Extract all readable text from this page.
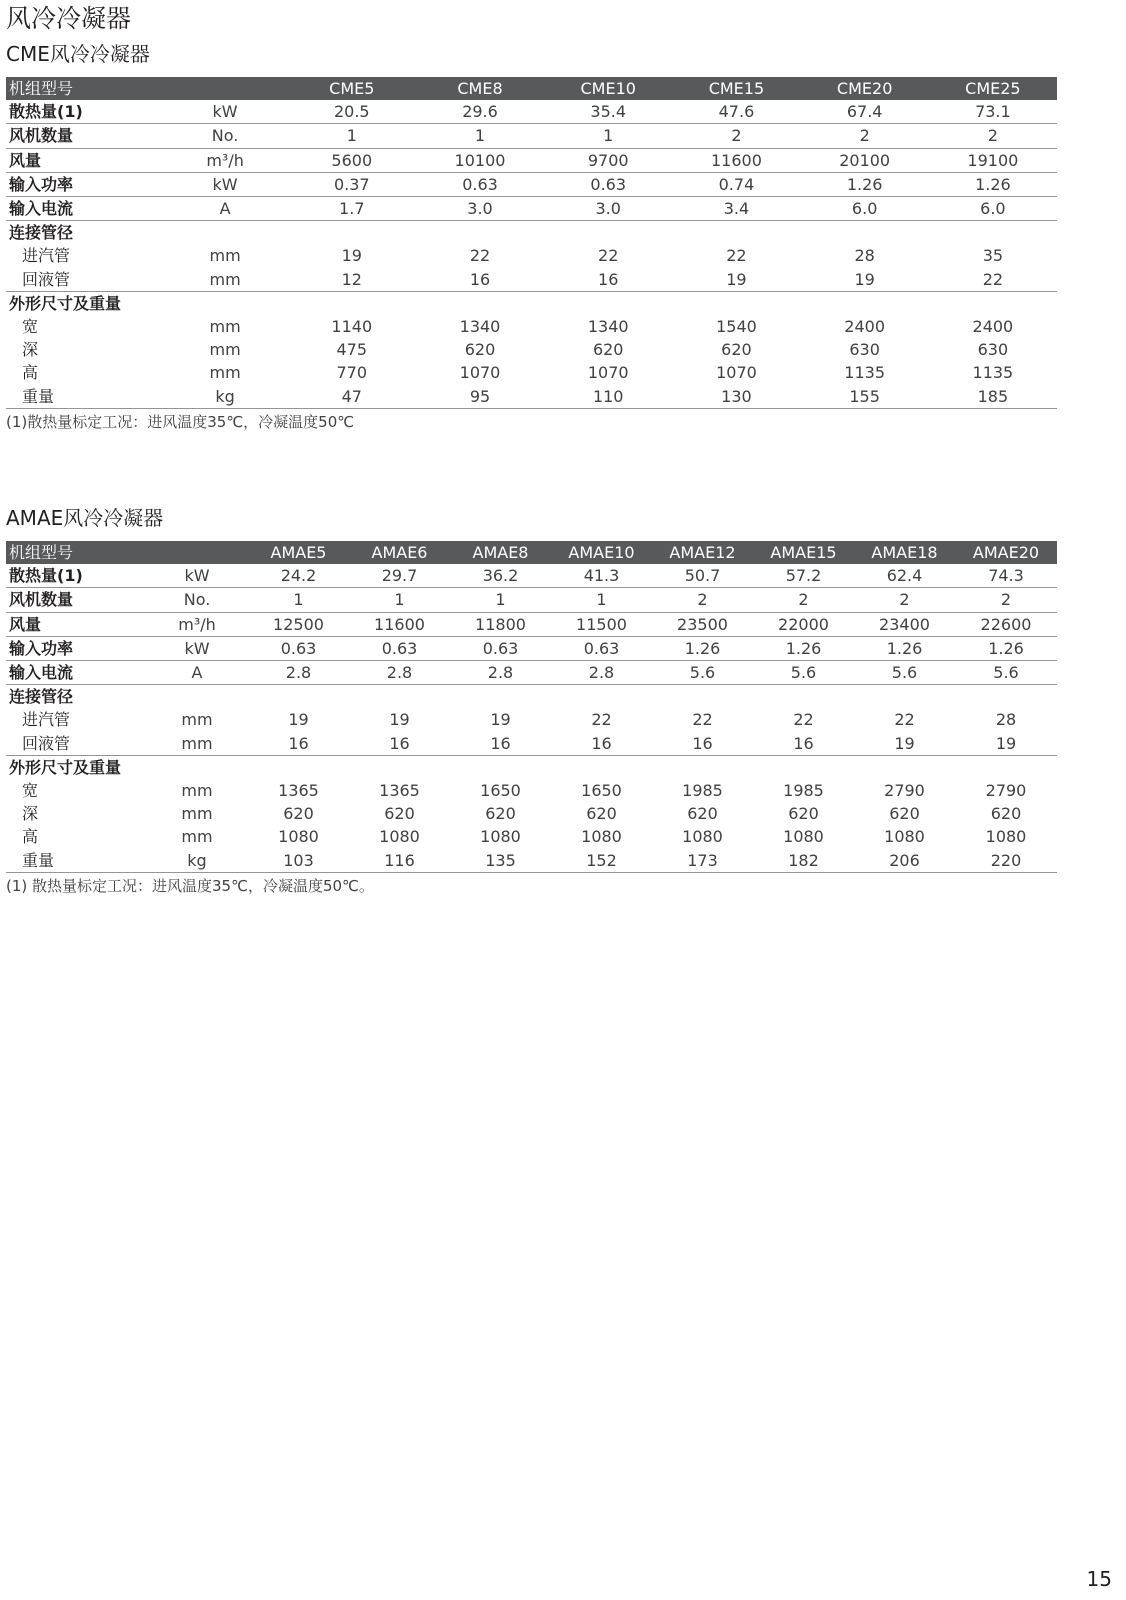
风冷冷凝器
CME风冷冷凝器
机组型号		CME5	CME8	CME10	CME15	CME20	CME25
散热量(1)	kW	20.5	29.6	35.4	47.6	67.4	73.1
风机数量	No.	1	1	1	2	2	2
风量	m³/h	5600	10100	9700	11600	20100	19100
输入功率	kW	0.37	0.63	0.63	0.74	1.26	1.26
输入电流	A	1.7	3.0	3.0	3.4	6.0	6.0
连接管径							
进汽管	mm	19	22	22	22	28	35
回液管	mm	12	16	16	19	19	22
外形尺寸及重量							
宽	mm	1140	1340	1340	1540	2400	2400
深	mm	475	620	620	620	630	630
高	mm	770	1070	1070	1070	1135	1135
重量	kg	47	95	110	130	155	185

(1)散热量标定工况：进风温度35℃，冷凝温度50℃

AMAE风冷冷凝器
机组型号		AMAE5	AMAE6	AMAE8	AMAE10	AMAE12	AMAE15	AMAE18	AMAE20
散热量(1)	kW	24.2	29.7	36.2	41.3	50.7	57.2	62.4	74.3
风机数量	No.	1	1	1	1	2	2	2	2
风量	m³/h	12500	11600	11800	11500	23500	22000	23400	22600
输入功率	kW	0.63	0.63	0.63	0.63	1.26	1.26	1.26	1.26
输入电流	A	2.8	2.8	2.8	2.8	5.6	5.6	5.6	5.6
连接管径									
进汽管	mm	19	19	19	22	22	22	22	28
回液管	mm	16	16	16	16	16	16	19	19
外形尺寸及重量									
宽	mm	1365	1365	1650	1650	1985	1985	2790	2790
深	mm	620	620	620	620	620	620	620	620
高	mm	1080	1080	1080	1080	1080	1080	1080	1080
重量	kg	103	116	135	152	173	182	206	220

(1) 散热量标定工况：进风温度35℃，冷凝温度50℃。

15
